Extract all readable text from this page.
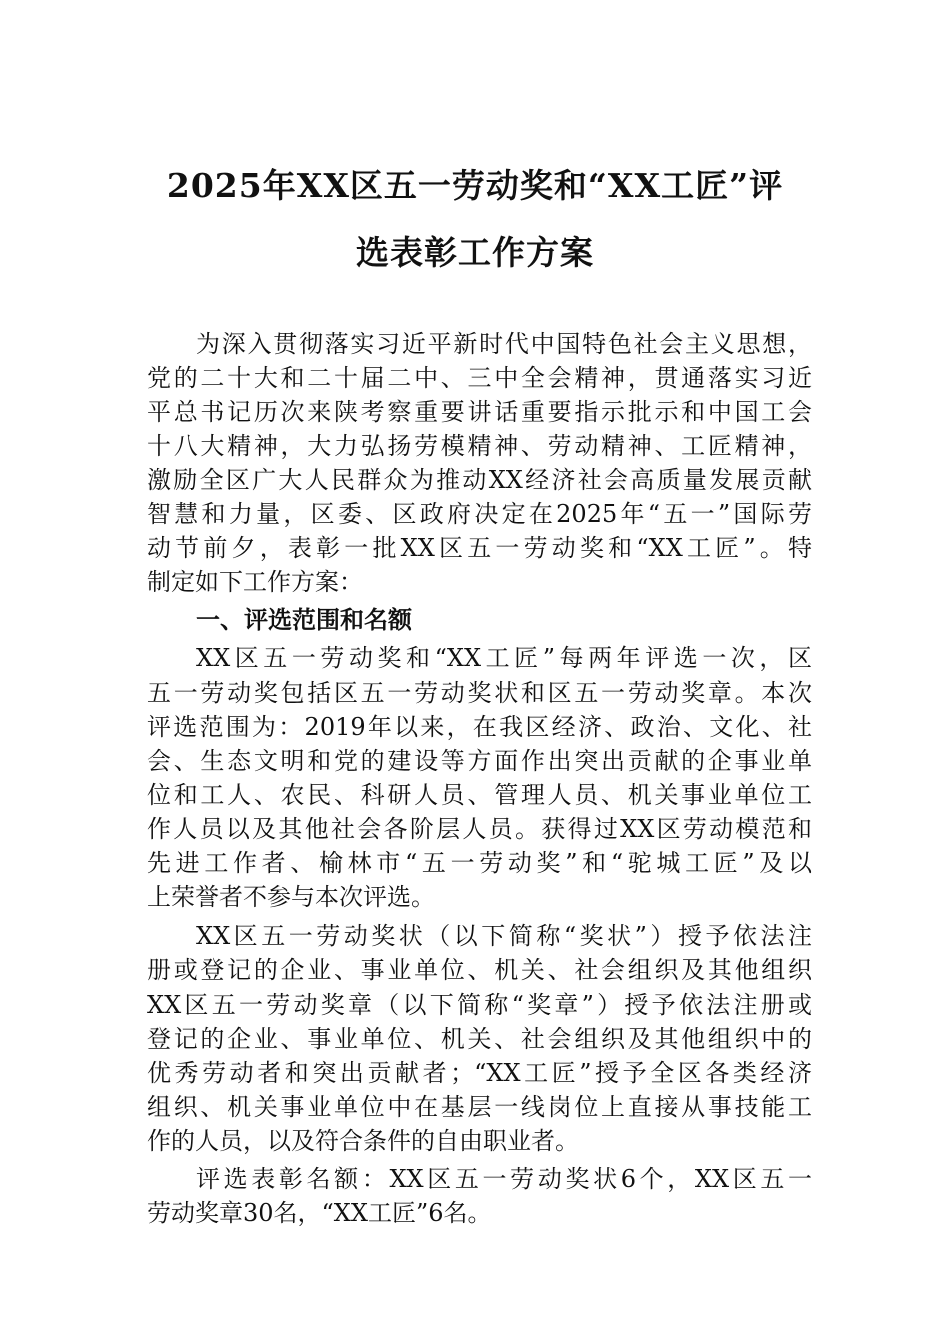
2025年XX区五一劳动奖和“XX工匠”评
选表彰工作方案
为深入贯彻落实习近平新时代中国特色社会主义思想，
党的二十大和二十届二中、三中全会精神，贯通落实习近
平总书记历次来陕考察重要讲话重要指示批示和中国工会
十八大精神，大力弘扬劳模精神、劳动精神、工匠精神，
激励全区广大人民群众为推动XX经济社会高质量发展贡献
智慧和力量，区委、区政府决定在2025年“五一”国际劳
动节前夕，表彰一批XX区五一劳动奖和“XX工匠”。特
制定如下工作方案：
一、评选范围和名额
XX区五一劳动奖和“XX工匠”每两年评选一次，区
五一劳动奖包括区五一劳动奖状和区五一劳动奖章。本次
评选范围为：2019年以来，在我区经济、政治、文化、社
会、生态文明和党的建设等方面作出突出贡献的企事业单
位和工人、农民、科研人员、管理人员、机关事业单位工
作人员以及其他社会各阶层人员。获得过XX区劳动模范和
先进工作者、榆林市“五一劳动奖”和“驼城工匠”及以
上荣誉者不参与本次评选。
XX区五一劳动奖状（以下简称“奖状”）授予依法注
册或登记的企业、事业单位、机关、社会组织及其他组织
XX区五一劳动奖章（以下简称“奖章”）授予依法注册或
登记的企业、事业单位、机关、社会组织及其他组织中的
优秀劳动者和突出贡献者；“XX工匠”授予全区各类经济
组织、机关事业单位中在基层一线岗位上直接从事技能工
作的人员，以及符合条件的自由职业者。
评选表彰名额：XX区五一劳动奖状6个，XX区五一
劳动奖章30名，“XX工匠”6名。
